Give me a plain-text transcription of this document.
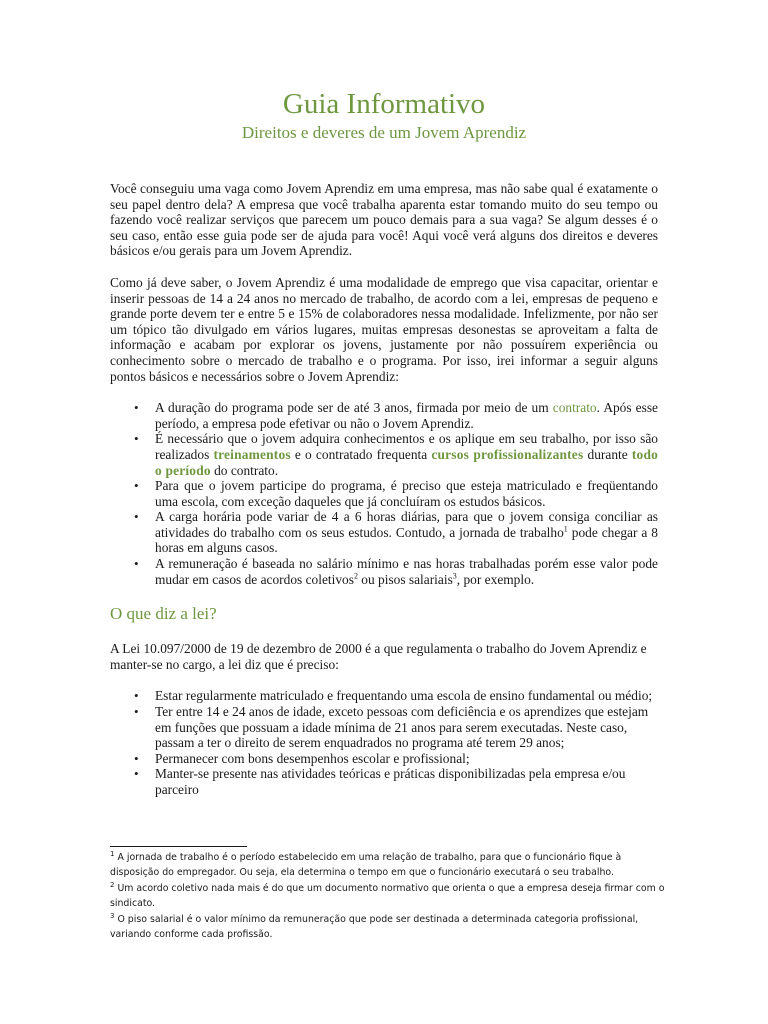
Guia Informativo
Direitos e deveres de um Jovem Aprendiz

Você conseguiu uma vaga como Jovem Aprendiz em uma empresa, mas não sabe qual é exatamente o seu papel dentro dela? A empresa que você trabalha aparenta estar tomando muito do seu tempo ou fazendo você realizar serviços que parecem um pouco demais para a sua vaga? Se algum desses é o seu caso, então esse guia pode ser de ajuda para você! Aqui você verá alguns dos direitos e deveres básicos e/ou gerais para um Jovem Aprendiz.

Como já deve saber, o Jovem Aprendiz é uma modalidade de emprego que visa capacitar, orientar e inserir pessoas de 14 a 24 anos no mercado de trabalho, de acordo com a lei, empresas de pequeno e grande porte devem ter e entre 5 e 15% de colaboradores nessa modalidade. Infelizmente, por não ser um tópico tão divulgado em vários lugares, muitas empresas desonestas se aproveitam a falta de informação e acabam por explorar os jovens, justamente por não possuírem experiência ou conhecimento sobre o mercado de trabalho e o programa. Por isso, irei informar a seguir alguns pontos básicos e necessários sobre o Jovem Aprendiz:

• A duração do programa pode ser de até 3 anos, firmada por meio de um contrato. Após esse período, a empresa pode efetivar ou não o Jovem Aprendiz.
• É necessário que o jovem adquira conhecimentos e os aplique em seu trabalho, por isso são realizados treinamentos e o contratado frequenta cursos profissionalizantes durante todo o período do contrato.
• Para que o jovem participe do programa, é preciso que esteja matriculado e freqüentando uma escola, com exceção daqueles que já concluíram os estudos básicos.
• A carga horária pode variar de 4 a 6 horas diárias, para que o jovem consiga conciliar as atividades do trabalho com os seus estudos. Contudo, a jornada de trabalho$^1$ pode chegar a 8 horas em alguns casos.
• A remuneração é baseada no salário mínimo e nas horas trabalhadas porém esse valor pode mudar em casos de acordos coletivos$^2$ ou pisos salariais$^3$, por exemplo.
O que diz a lei?

A Lei 10.097/2000 de 19 de dezembro de 2000 é a que regulamenta o trabalho do Jovem Aprendiz e manter-se no cargo, a lei diz que é preciso:

• Estar regularmente matriculado e frequentando uma escola de ensino fundamental ou médio;
• Ter entre 14 e 24 anos de idade, exceto pessoas com deficiência e os aprendizes que estejam em funções que possuam a idade mínima de 21 anos para serem executadas. Neste caso, passam a ter o direito de serem enquadrados no programa até terem 29 anos;
• Permanecer com bons desempenhos escolar e profissional;
• Manter-se presente nas atividades teóricas e práticas disponibilizadas pela empresa e/ou parceiro
$^1$ A jornada de trabalho é o período estabelecido em uma relação de trabalho, para que o funcionário fique à disposição do empregador. Ou seja, ela determina o tempo em que o funcionário executará o seu trabalho.
$^2$ Um acordo coletivo nada mais é do que um documento normativo que orienta o que a empresa deseja firmar com o sindicato.
$^3$ O piso salarial é o valor mínimo da remuneração que pode ser destinada a determinada categoria profissional, variando conforme cada profissão.
